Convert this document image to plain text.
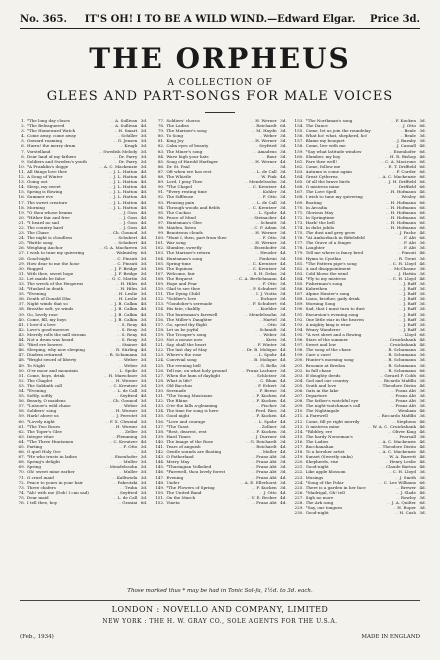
No. 365.	IT'S OH! I TO BE A WILD WIND.—Edward Elgar.	Price 3d.
THE ORPHEUS
A COLLECTION OF
GLEES AND PART-SONGS FOR MALE VOICES
1. *The long day closes	... A. Sullivan 3d.
2. *The Beleaguered	... A. Sullivan 4d.
3. *The Homeward Watch	... H. Smart 3d.
4. Come away, come away	... Schiller 3d.
5. Onward roaming	... G. Jensen 3d.
6. Hurra! the merry drum	... Krugh 3d.
7. Vorstelland	... Swedish Melody 3d.
8. Dear land of my fathers	... Dr. Parry 3d.
9. Soldiers and Sweden's youth	... Dr. Parry 3d.
10. *A Franklin's dogge	... A. C. Mackenzie 3d.
11. All things love thee	... J. L. Hatton 4d.
12. A Song of Winter	... J. L. Hatton 4d.
13. Going out	... J. L. Hatton 4d.
14. Sleep, my sweet	... J. L. Hatton 4d.
15. Spring is flowing	... J. L. Hatton 4d.
16. Summer eve	... J. L. Hatton 4d.
17. The sweet creature	... J. L. Hatton 4d.
18. Morning	... J. L. Hatton 4d.
19. *O thou whose beams	... J. Goss 4d.
20. *Hither fair and free	... J. Goss 4d.
21. *I heard no sad	... J. Goss 4d.
22. The country bard	... J. Goss 4d.
23. The Chase	... Ch. Gounod 3d.
24. The night is cloudless	... Schubert 4d.
25. *Battle song	... Schubert 4d.
26. Weighing Anchor	... G. A. Macfarren 3d.
27. I wish to tune my quivering	... Walmisley 6d.
28. Good-night	... C. Pinsuti 3d.
29. How dear to me the hour	... C. Pinsuti 3d.
30. Rugged	... J. F. Bridge 3d.
31. With thee, sweet hope	... J. F. Bridge 3d.
32. Let maids be false	... G. C. Martin 3d.
33. The wreck of the Hesperus	... H. Hiles 6d.
34. *Hushed in death	... H. Hiles 3d.
35. *Evening	... H. Leslie 3d.
36. Death of Donald Dhu	... H. Leslie 3d.
37. Night winds that so	... J. B. Calkin 4d.
38. Breathe soft, ye winds	... J. B. Calkin 4d.
39. Go, lovely rose	... J. B. Calkin 4d.
40. Come, fill, my boys	... J. B. Calkin 3d.
41. I love'd a love	... S. Reay 4d.
42. Love's good-morrow	... S. Reay 3d.
43. Merrily rolls the mill stream	... S. Reay 6d.
44. Not a drum was heard	... S. Reay 3d.
45. *Bird ere bowers	... Stainer 4d.
46. Sleeping, why now sleeping	... R. Stirling 4d.
47. Diadem returned	... R. Schumann 3d.
48. *Bright sword of liberty	... Weber 3d.
49. To Night	... Weber 3d.
50. O'er moor and mountain	... L. Spohr 3d.
51. Come, boys, drink	... H. Marschner 3d.
52. The Chaplet	... H. Werner 3d.
53. The Sabbath call	... C. Kreutzer 3d.
54. *Evening	... L. de Call 3d.
55. Softly, softly	... Seyfried 4d.
56. Beauty, O maidens	... Ch. Gounod 3d.
57. *Lutzow's wild chase	... Weber 3d.
58. Soldiers' song	... H. Werner 3d.
59. Hark! above us	... J. Perrotet 3d.
60. *Lovely night	... F. X. Chwatal 3d.
61. *The Two Roses	... H. Werner 3d.
62. The Toper's Glee	... Zeller 3d.
63. Integer vitae	... Flemming 3d.
64. *The Three Huntsmen	... C. Kreutzer 4d.
65. Parting	... F. Otto 3d.
66. O quel Holy Ore	...	3d.
67. *He who trusts in ladies	... Eisenhofer 3d.
68. Spring's delight	... Muller 3d.
69. Spring	... Mendelssohn 3d.
70. Oh! sweet mine earlier	... Muller 3d.
71. O cruel maid	... Kalliwoda 3d.
72. Peace to yours in your hair	... Pabrotzki 3d.
73. Three chafers	... Truhn 3d.
74. *Ah! with me (Doh! I can sad)	... Seyfried 3d.
75. Dear maid	... L. de Call 3d.
76. I tell thee, boy	... Grasini 6d.
77. Soldiers' chorus	... H. Werner 3d.
78. The Ladies	... Reichardt 6d.
79. The Mariner's song	... M. Haydn 3d.
80. To Song	... Weber 3d.
81. King Joy	... H. Werner 3d.
82. Calm eyes of beauty	... Seyfried 3d.
83. The Miner's song	... Amadeus 3d.
84. Wave high your hats	... Baur 3d.
85. Song of Harold Harfager	... H. Werner 4d.
86. Dr. St. Paul	...	3d.
87. Oft when ere has rest	... L. de Call 3d.
88. The Whistle	... W. Fink 4d.
89. Lord, I pray Thee	... Mendelssohn 3d.
90. *The Chapel	... C. Kreutzer 4d.
91. *Every resting time	... Kohler 3d.
92. The Siffleuse	... F. Otto 3d.
93. Pleasing pain	... L. de Call 3d.
94. Through woods and fields	... C. Kreutzer 3d.
95. The Cuckoo	... L. Spohr 4d.
96. Peace of Mind	... Steinacker 4d.
97. Huntsman's Glee	... Schmitt 3d.
98. Maiden, listen	... C. F. Adam 3d.
99. Beauteous clouds	... H. Werner 3d.
100. *Hunt I, then, part from thee	... F. Otto 3d.
101. War song	... H. Werner 3d.
102. Slumber, sweetly	... Eisenhofer 3d.
103. The Mariner's return	... Heusler 4d.
104. Huntsman's song	... Fonbrini 3d.
105. Spring-time	... C. Kreutzer 4d.
106. The Equinox	... C. Kreutzer 3d.
107. Welcome, fair	... S. H. Delas 3d.
108. The Request	... C. A. Berlichmann 4d.
109. Hope and Fear	... F. Otto 3d.
110. Glad to see thee	... P. Schubert 3d.
111. The Dying Child	... I. J. Viotta 3d.
112. *Soldier's love	... Eichner 3d.
113. *Gondolier's serenade	... F. Schubert 6d.
114. His fate, chalilly	... Koehler 3d.
115. The huntsman's farewell	... Mendelssohn 3d.
116. The Miller's Daughter	... Hartel 3d.
117. Go, speed thy flight	... Otto 3d.
118. Let us be joyful	... Schmidt 3d.
119. The Trooper's song	... Weber 3d.
120. Not a mouse now	... Kietz 3d.
121. Say, shall the heart	... F. Winter 3d.
122. The last day of May	... Dr. B. Molique 4d.
123. Where's the rose	... L. Spohr 4d.
124. Convivial song	... B. Molique 4d.
125. The evening bell	... G. Bella 3d.
126. Tell me, on what holy ground	... Franz Lachner 3d.
127. When the hum of daylight	... Schlotzer 3d.
128. What is life?	... C. Blum 4d.
129. Old Bacchus	... F. Eckert 3d.
130. Serenade	... F. Beese 3d.
131. *The Young Musicians	... F. Kucken 6d.
132. The Rhine	... F. Kucken 4d.
133. O'er the hills a-gleaming	... Fischer 3d.
134. The time for song is here	... Ferd. Ries 3d.
135. Good night	... F. Kucken 4d.
136. *Love and courage	... L. Spohr 4d.
137. *The Toast	... Zollner 3d.
138. *Rest, dearest, rest	... F. Kucken 3d.
139. Hard Times	... J. Durrner 6d.
140. The Image of the Rose	... G. Reichardt 3d.
141. Tears of anguish	... Reichardt 4d.
142. Gentle sounds are floating	... Muller 4d.
143. O Fatherland	... Franz Abt 3d.
144. Merry May	... Franz Abt 3d.
145. *Thuringian Volkslied	... Franz Abt 3d.
146. *Farewell, thou lovely forest	... Franz Abt 3d.
147. Evening	... Franz Abt 4d.
148. Under	... A. E. Ellerhorst 3d.
149. *The Flowers of Spring	... F. Kucken 3d.
150. The United Band	... J. Otto 4d.
151. On the March	... V. E. Becker 4d.
152. Vineta	... Franz Abt 4d.
153. *The Northman's song	... F. Kucken 3d.
154. The Dance	... J. Otto 6d.
155. Come, let us join the roundelay	... Beale 3d.
156. What ho! what, shepherd, ho!	... Beale 3d.
157. Blame my bouquet	... J. Barnby 3d.
158. Come, live with me	... J. Carnall 4d.
159. *Say what latitude window	... Eisenhofer 6d.
160. Slumber, my boy	... H. R. Bishop 4d.
161. Fare thee well!	... C. A. Macirone 6d.
162. Come, follow me	... E. T. Driffield 6d.
163. Autumn is come again	... F. Corder 6d.
164. Great Cytherea	... A. C. Mackenzie 6d.
165. Of all the brave birds	... J. H. Driffield 6d.
166. O mistress mine	... Driffield 6d.
167. The Love Spell	... H. Hofmann 4d.
168. I wish to tune my quivering	... Wesley 6d.
169. Boating	... H. Hofmann 6d.
170. In Arcadia	... H. Hofmann 6d.
171. Glorious May	... H. Hofmann 6d.
172. In Springtime	... H. Hofmann 6d.
173. Hark! the bell	... H. Hofmann 6d.
174. In dulci jubilo	... H. Hofmann 6d.
175. The dust and grey grow	... J. Pache 4d.
176. *At Amborbach in Bifielsfeld	... F. Abt 6d.
177. The Grave of a Singer	... F. Abt 3d.
178. Laughter	... F. Abt 3d.
179. Tell me where is fancy bred	... Pinsuti 4d.
180. Hymn to Cynthia	... R. Trent 3d.
181. *The Pattern pipe's song	... C. H. Lloyd 4d.
182. A sad disappointment	... McChasne 3d.
183. Cold blows the wind	... J. Hattin 3d.
184. *Fly to my mistress	... C. H. Lloyd 4d.
185. Fisherman's song	... J. Raff 3d.
186. Kuhreihen	... J. Raff 3d.
187. Alpine Hunter's song	... J. Raff 3d.
188. Lions, brother, gaily drink	... J. Raff 3d.
189. Morning Song	... J. Raff 3d.
190. Sad, that I must turn to dust	... J. Raff 3d.
191. Excursion's evening song	... J. Raff 3d.
192. One little star in the heaven	... J. Raff 3d.
193. A mighty king is wine	... J. Raff 3d.
194. Weary Wanderer	... J. Raff 3d.
195. *A wet sheet and a flowing	... Lloyd 6d.
196. Stars of the summer	... Cruickshank 4d.
197. Sweet and low	... Cruickshank 4d.
198. The song of the chase	... R. Schumann 3d.
199. Care o care!	... R. Schumann 3d.
200. Hunter's morning song	... R. Schumann 3d.
201. Broomie at Bredon	... R. Schumann 3d.
202. In full chase	... R. Schumann 6d.
203. If doughty deeds	... Gerard F. Cobb 6d.
204. God and our country	... Ricardo Mafilbi 3d.
205. Youth and love	... Theodore Distin 4d.
206. Oats in the lake	... Franz Abt 3d.
207. Departure	... Franz Abt 3d.
208. The father's watchful eye	... Franz Abt 3d.
209. The night-watchman's call	... Franz Abt 3d.
210. The Nightingale	... Wenham 4d.
211. A Farewell	... Riccardo Mafilbi 3d.
212. Come, fill ye right merrily	... Stephens 4d.
213. O mistress mine	... W. A. C. Cruickshank 4d.
214. *Ribbley, ere	... Oliver King 4d.
215. The hardy Norseman's	... Pearsall 3d.
216. The Ladies	... A. C. Mackenzie 4d.
217. Bacchanalian	... Theodore Distin 4d.
218. To a heroher artist	... A. C. Mackenzie 4d.
219. Sunset (Sweetly sinks)	... W. A. Barrett 4d.
220. Shepherds, rise	... Henry Leslie 4d.
221. Good-night	... Claude Barton 4d.
222. Like apple blossom	... C. H. Lloyd 3d.
223. Musings	... J. Smith 3d.
224. *Song of the Polar	... C. Lee Williams 6d.
225. There is a garden in her face	... Brewer 4d.
226. *Madrigal, Oh! tell	... J. Slade 4d.
227. Sigh no more	... Rowley 3d.
228. The Ark song	... J. A. Quilter 6d.
229. *Say, our tongues	... H. Roper 3d.
230. Good-night	... H. Cash 3d.
Those marked thus * may be had in Tonic Sol-fa, 1½d. to 3d. each.
LONDON : NOVELLO AND COMPANY, LIMITED
NEW YORK : THE H. W. GRAY CO., SOLE AGENTS FOR THE U.S.A.
(Feb., 1934)	MADE IN ENGLAND
